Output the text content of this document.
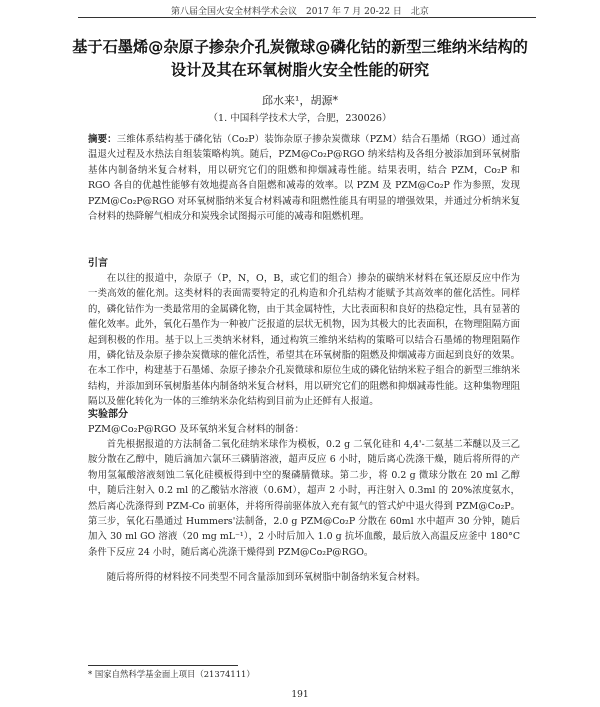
第八届全国火安全材料学术会议　2017 年 7 月 20-22 日　北京
基于石墨烯@杂原子掺杂介孔炭微球@磷化钴的新型三维纳米结构的
设计及其在环氧树脂火安全性能的研究
邱水来¹，胡源*
（1. 中国科学技术大学，合肥，230026）
摘要：三维体系结构基于磷化钴（Co₂P）装饰杂原子掺杂炭微球（PZM）结合石墨烯（RGO）通过高温退火过程及水热法自组装策略构筑。随后，PZM@Co₂P@RGO 纳米结构及各组分被添加到环氧树脂基体内制备纳米复合材料，用以研究它们的阻燃和抑烟减毒性能。结果表明，结合 PZM，Co₂P 和 RGO 各自的优越性能够有效地提高各自阻燃和减毒的效率。以 PZM 及 PZM@Co₂P 作为参照，发现 PZM@Co₂P@RGO 对环氧树脂纳米复合材料减毒和阻燃性能具有明显的增强效果，并通过分析纳米复合材料的热降解气相成分和炭残余试图揭示可能的减毒和阻燃机理。
引言

在以往的报道中，杂原子（P，N，O，B，或它们的组合）掺杂的碳纳米材料在氧还原反应中作为一类高效的催化剂。这类材料的表面需要特定的孔构造和介孔结构才能赋予其高效率的催化活性。同样的，磷化钴作为一类最常用的金属磷化物，由于其金属特性，大比表面积和良好的热稳定性，具有显著的催化效率。此外，氧化石墨作为一种被广泛报道的层状无机物，因为其极大的比表面积，在物理阻隔方面起到积极的作用。基于以上三类纳米材料，通过构筑三维纳米结构的策略可以结合石墨烯的物理阻隔作用，磷化钴及杂原子掺杂炭微球的催化活性，希望其在环氧树脂的阻燃及抑烟减毒方面起到良好的效果。在本工作中，构建基于石墨烯、杂原子掺杂介孔炭微球和原位生成的磷化钴纳米粒子组合的新型三维纳米结构，并添加到环氧树脂基体内制备纳米复合材料，用以研究它们的阻燃和抑烟减毒性能。这种集物理阻隔以及催化转化为一体的三维纳米杂化结构到目前为止还鲜有人报道。

实验部分
PZM@Co₂P@RGO 及环氧纳米复合材料的制备：

首先根据报道的方法制备二氧化硅纳米球作为模板，0.2 g 二氧化硅和 4,4'-二氨基二苯醚以及三乙胺分散在乙醇中，随后滴加六氯环三磷腈溶液，超声反应 6 小时，随后离心洗涤干燥，随后将所得的产物用氢氟酸溶液刻蚀二氧化硅模板得到中空的聚磷腈微球。第二步，将 0.2 g 微球分散在 20 ml 乙醇中，随后注射入 0.2 ml 的乙酸钴水溶液（0.6M），超声 2 小时，再注射入 0.3ml 的 20%浓度氨水，然后离心洗涤得到 PZM-Co 前驱体，并将所得前驱体放入充有氮气的管式炉中退火得到 PZM@Co₂P。第三步，氧化石墨通过 Hummers'法制备，2.0 g PZM@Co₂P 分散在 60ml 水中超声 30 分钟，随后加入 30 ml GO 溶液（20 mg mL⁻¹），2 小时后加入 1.0 g 抗坏血酸，最后放入高温反应釜中 180°C 条件下反应 24 小时，随后离心洗涤干燥得到 PZM@Co₂P@RGO。

随后将所得的材料按不同类型不同含量添加到环氧树脂中制备纳米复合材料。

* 国家自然科学基金面上项目（21374111）
191
